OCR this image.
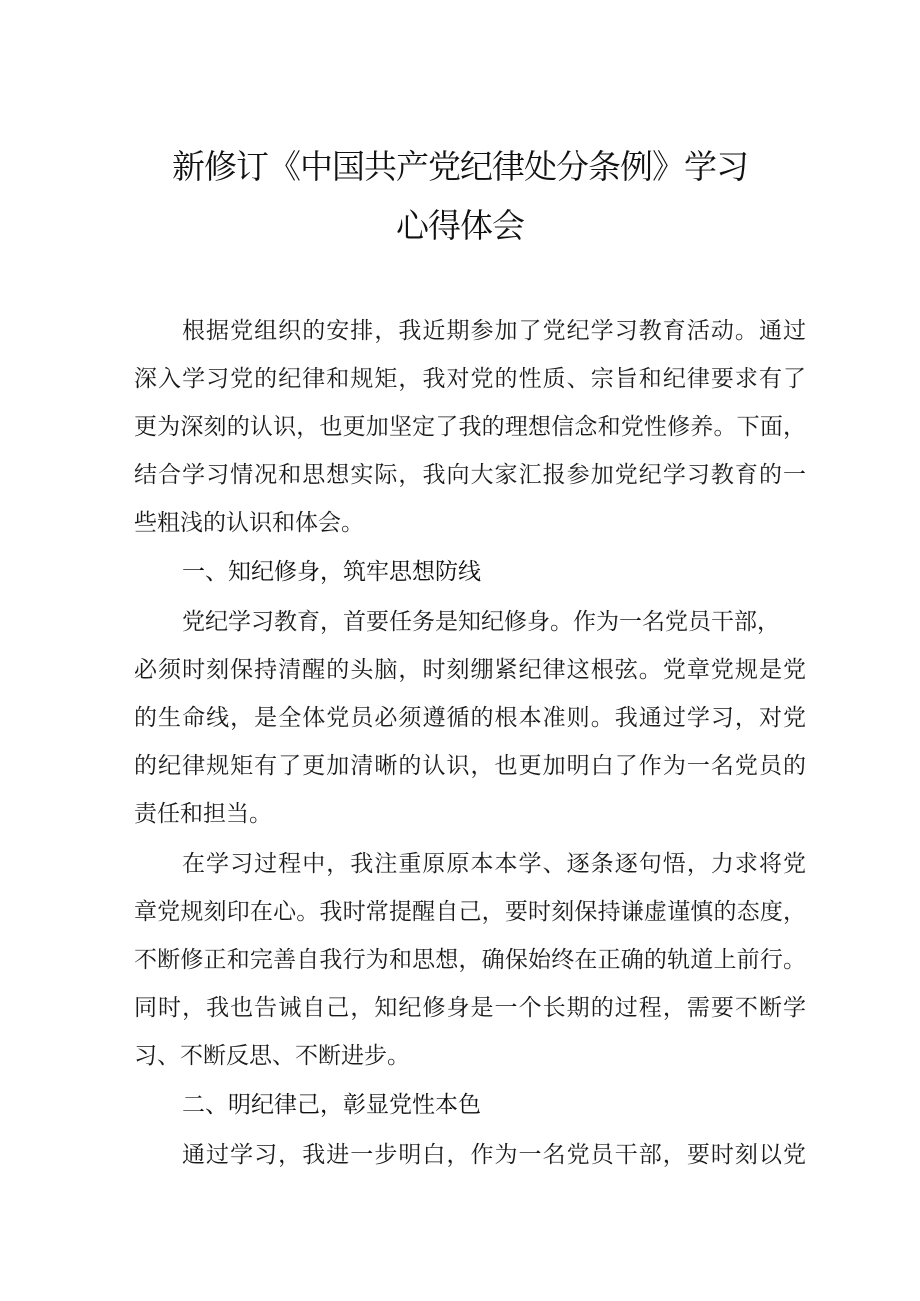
新修订《中国共产党纪律处分条例》学习
心得体会
根据党组织的安排，我近期参加了党纪学习教育活动。通过
深入学习党的纪律和规矩，我对党的性质、宗旨和纪律要求有了
更为深刻的认识，也更加坚定了我的理想信念和党性修养。下面，
结合学习情况和思想实际，我向大家汇报参加党纪学习教育的一
些粗浅的认识和体会。
一、知纪修身，筑牢思想防线
党纪学习教育，首要任务是知纪修身。作为一名党员干部，
必须时刻保持清醒的头脑，时刻绷紧纪律这根弦。党章党规是党
的生命线，是全体党员必须遵循的根本准则。我通过学习，对党
的纪律规矩有了更加清晰的认识，也更加明白了作为一名党员的
责任和担当。
在学习过程中，我注重原原本本学、逐条逐句悟，力求将党
章党规刻印在心。我时常提醒自己，要时刻保持谦虚谨慎的态度，
不断修正和完善自我行为和思想，确保始终在正确的轨道上前行。
同时，我也告诫自己，知纪修身是一个长期的过程，需要不断学
习、不断反思、不断进步。
二、明纪律己，彰显党性本色
通过学习，我进一步明白，作为一名党员干部，要时刻以党
